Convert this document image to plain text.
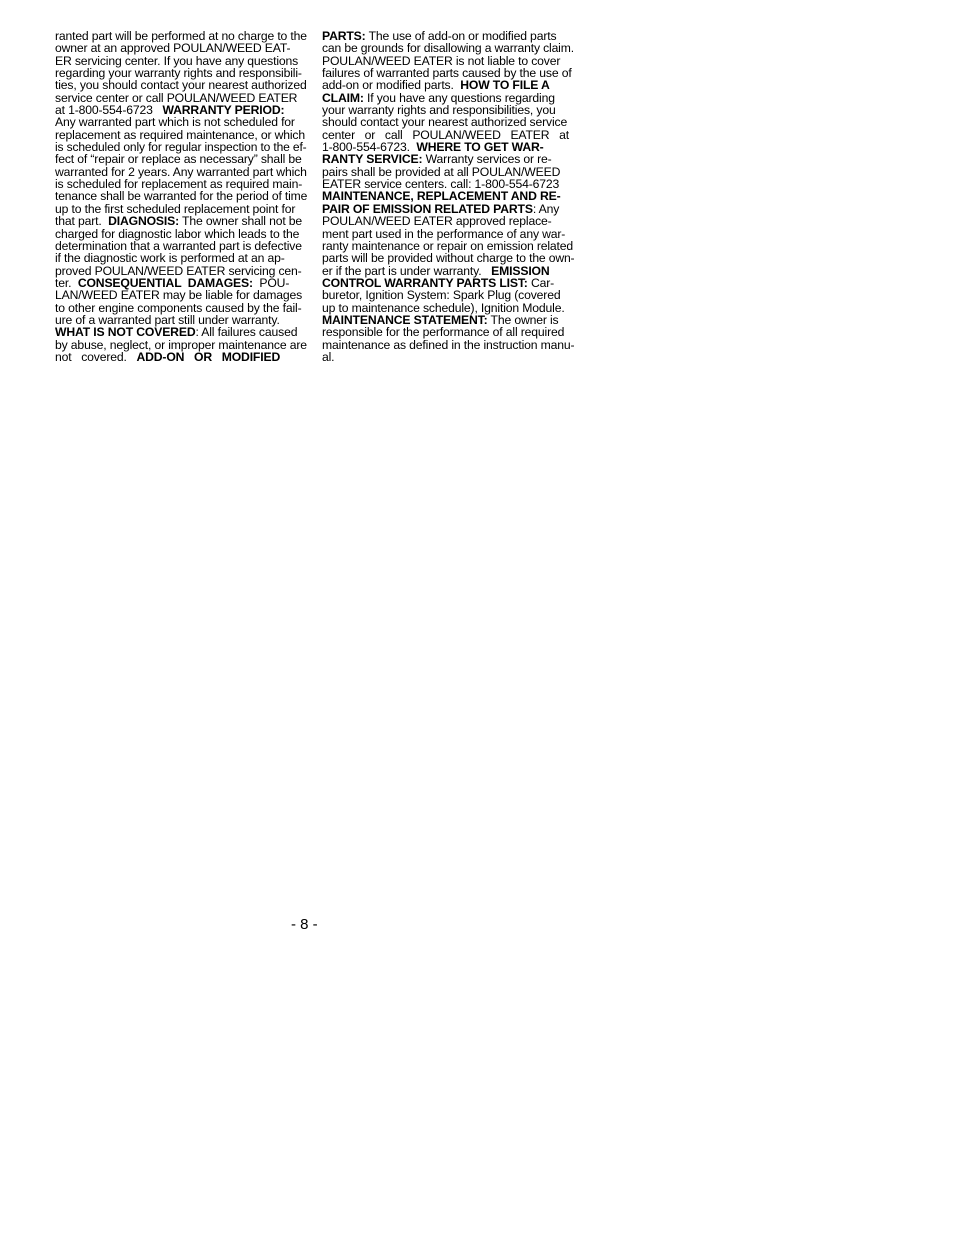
ranted part will be performed at no charge to the
owner at an approved POULAN/WEED EAT-
ER servicing center. If you have any questions
regarding your warranty rights and responsibili-
ties, you should contact your nearest authorized
service center or call POULAN/WEED EATER
at 1-800-554-6723   WARRANTY PERIOD:
Any warranted part which is not scheduled for
replacement as required maintenance, or which
is scheduled only for regular inspection to the ef-
fect of “repair or replace as necessary” shall be
warranted for 2 years. Any warranted part which
is scheduled for replacement as required main-
tenance shall be warranted for the period of time
up to the first scheduled replacement point for
that part.  DIAGNOSIS: The owner shall not be
charged for diagnostic labor which leads to the
determination that a warranted part is defective
if the diagnostic work is performed at an ap-
proved POULAN/WEED EATER servicing cen-
ter.  CONSEQUENTIAL  DAMAGES:  POU-
LAN/WEED EATER may be liable for damages
to other engine components caused by the fail-
ure of a warranted part still under warranty.
WHAT IS NOT COVERED: All failures caused
by abuse, neglect, or improper maintenance are
not   covered.   ADD-ON   OR   MODIFIED
PARTS: The use of add-on or modified parts
can be grounds for disallowing a warranty claim.
POULAN/WEED EATER is not liable to cover
failures of warranted parts caused by the use of
add-on or modified parts.  HOW TO FILE A
CLAIM: If you have any questions regarding
your warranty rights and responsibilities, you
should contact your nearest authorized service
center   or   call   POULAN/WEED   EATER   at
1-800-554-6723.  WHERE TO GET WAR-
RANTY SERVICE: Warranty services or re-
pairs shall be provided at all POULAN/WEED
EATER service centers. call: 1-800-554-6723
MAINTENANCE, REPLACEMENT AND RE-
PAIR OF EMISSION RELATED PARTS: Any
POULAN/WEED EATER approved replace-
ment part used in the performance of any war-
ranty maintenance or repair on emission related
parts will be provided without charge to the own-
er if the part is under warranty.   EMISSION
CONTROL WARRANTY PARTS LIST: Car-
buretor, Ignition System: Spark Plug (covered
up to maintenance schedule), Ignition Module.
MAINTENANCE STATEMENT: The owner is
responsible for the performance of all required
maintenance as defined in the instruction manu-
al.
- 8 -
